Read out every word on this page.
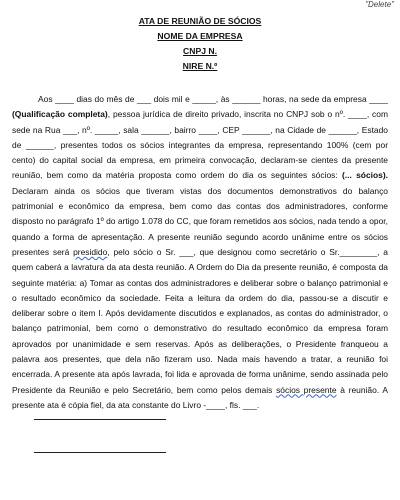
"Delete"

ATA DE REUNIÃO DE SÓCIOS

NOME DA EMPRESA

CNPJ N.

NIRE N.º

Aos ____ dias do mês de ___ dois mil e _____, às ______ horas, na sede da empresa ____ (Qualificação completa), pessoa jurídica de direito privado, inscrita no CNPJ sob o nº. ____, com sede na Rua ___, nº. _____, sala ______, bairro ____, CEP ______, na Cidade de ______, Estado de ______, presentes todos os sócios integrantes da empresa, representando 100% (cem por cento) do capital social da empresa, em primeira convocação, declaram-se cientes da presente reunião, bem como da matéria proposta como ordem do dia os seguintes sócios: (... sócios). Declaram ainda os sócios que tiveram vistas dos documentos demonstrativos do balanço patrimonial e econômico da empresa, bem como das contas dos administradores, conforme disposto no parágrafo 1º do artigo 1.078 do CC, que foram remetidos aos sócios, nada tendo a opor, quando a forma de apresentação. A presente reunião segundo acordo unânime entre os sócios presentes será presidido, pelo sócio o Sr. ___, que designou como secretário o Sr.________, a quem caberá a lavratura da ata desta reunião. A Ordem do Dia da presente reunião, é composta da seguinte matéria: a) Tomar as contas dos administradores e deliberar sobre o balanço patrimonial e o resultado econômico da sociedade. Feita a leitura da ordem do dia, passou-se a discutir e deliberar sobre o item I. Após devidamente discutidos e explanados, as contas do administrador, o balanço patrimonial, bem como o demonstrativo do resultado econômico da empresa foram aprovados por unanimidade e sem reservas. Após as deliberações, o Presidente franqueou a palavra aos presentes, que dela não fizeram uso. Nada mais havendo a tratar, a reunião foi encerrada. A presente ata após lavrada, foi lida e aprovada de forma unânime, sendo assinada pelo Presidente da Reunião e pelo Secretário, bem como pelos demais sócios presente à reunião. A presente ata é cópia fiel, da ata constante do Livro -____, fls. ___.
